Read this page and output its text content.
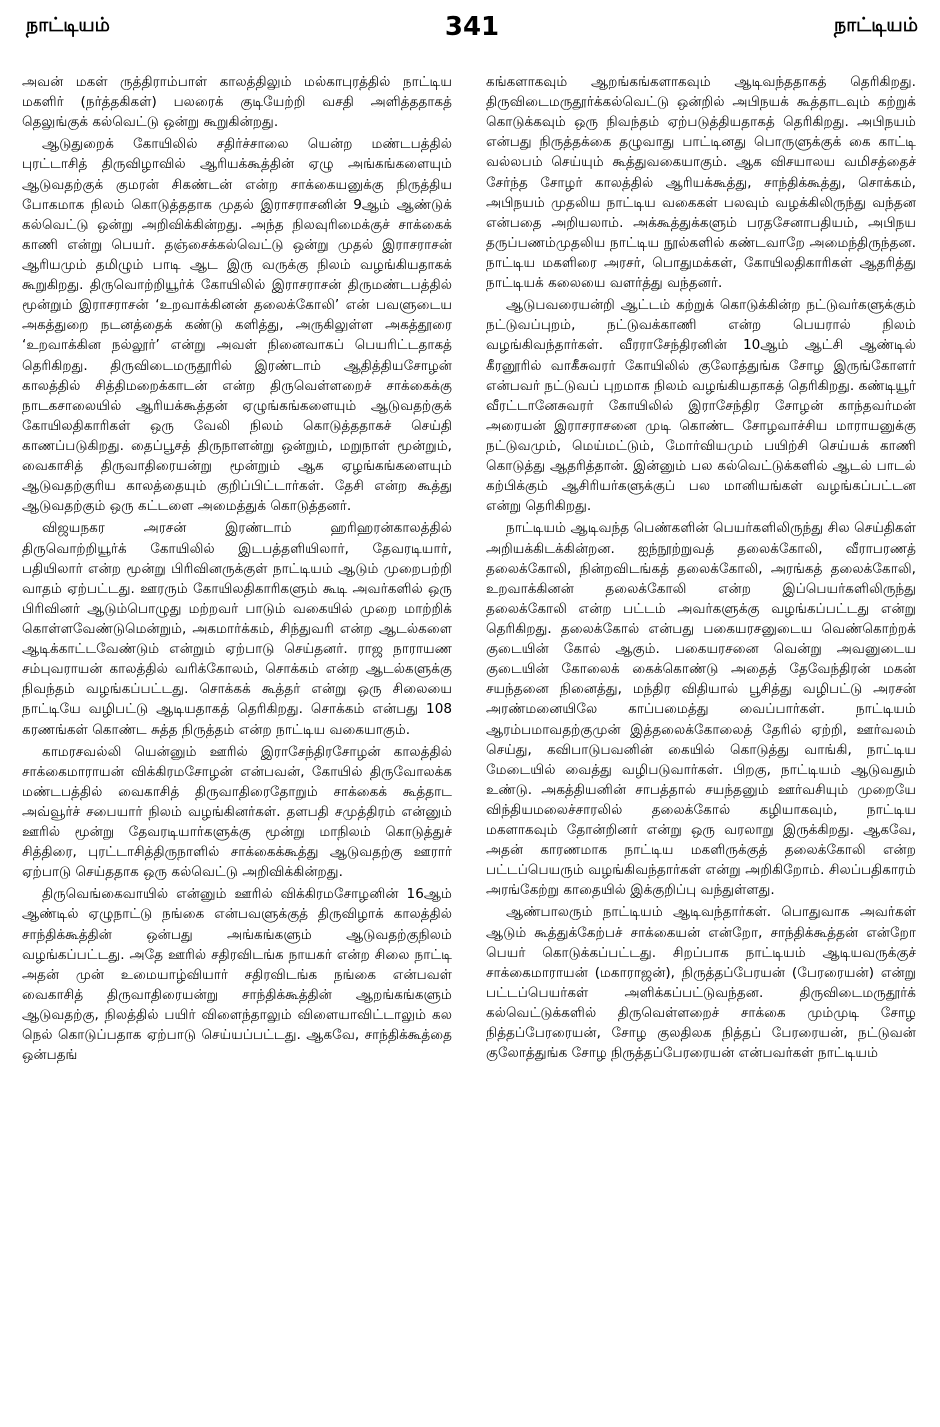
நாட்டியம்	341	நாட்டியம்

அவன் மகள் ருத்திராம்பாள் காலத்திலும் மல்காபுரத்தில் நாட்டிய மகளிர் (நர்த்தகிகள்) பலரைக் குடியேற்றி வசதி அளித்ததாகத் தெலுங்குக் கல்வெட்டு ஒன்று கூறுகின்றது.

ஆடுதுறைக் கோயிலில் சதிர்ச்சாலை யென்ற மண்டபத்தில் புரட்டாசித் திருவிழாவில் ஆரியக்கூத்தின் ஏழு அங்கங்களையும் ஆடுவதற்குக் குமரன் சிகண்டன் என்ற சாக்கையனுக்கு நிருத்திய போகமாக நிலம் கொடுத்ததாக முதல் இராசராசனின் 9ஆம் ஆண்டுக் கல்வெட்டு ஒன்று அறிவிக்கின்றது. அந்த நிலவுரிமைக்குச் சாக்கைக் காணி என்று பெயர். தஞ்சைக்கல்வெட்டு ஒன்று முதல் இராசராசன் ஆரியமும் தமிழும் பாடி ஆட இரு வருக்கு நிலம் வழங்கியதாகக் கூறுகிறது. திருவொற்றியூர்க் கோயிலில் இராசராசன் திருமண்டபத்தில் மூன்றும் இராசராசன் ‘உறவாக்கினன் தலைக்கோலி’ என் பவளுடைய அகத்துறை நடனத்தைக் கண்டு களித்து, அருகிலுள்ள அகத்தூரை ‘உறவாக்கின நல்லூர்’ என்று அவள் நினைவாகப் பெயரிட்டதாகத் தெரிகிறது. திருவிடைமருதூரில் இரண்டாம் ஆதித்தியசோழன் காலத்தில் சித்திமறைக்காடன் என்ற திருவெள்ளறைச் சாக்கைக்கு நாடகசாலையில் ஆரியக்கூத்தன் ஏழுங்கங்களையும் ஆடுவதற்குக் கோயிலதிகாரிகள் ஒரு வேலி நிலம் கொடுத்ததாகச் செய்தி காணப்படுகிறது. தைப்பூசத் திருநாளன்று ஒன்றும், மறுநாள் மூன்றும், வைகாசித் திருவாதிரையன்று மூன்றும் ஆக ஏழங்கங்களையும் ஆடுவதற்குரிய காலத்தையும் குறிப்பிட்டார்கள். தேசி என்ற கூத்து ஆடுவதற்கும் ஒரு கட்டளை அமைத்துக் கொடுத்தனர்.

விஜயநகர அரசன் இரண்டாம் ஹரிஹரன்காலத்தில் திருவொற்றியூர்க் கோயிலில் இடபத்தளியிலார், தேவரடியார், பதியிலார் என்ற மூன்று பிரிவினருக்குள் நாட்டியம் ஆடும் முறைபற்றி வாதம் ஏற்பட்டது. ஊரரும் கோயிலதிகாரிகளும் கூடி அவர்களில் ஒரு பிரிவினர் ஆடும்பொழுது மற்றவர் பாடும் வகையில் முறை மாற்றிக் கொள்ளவேண்டுமென்றும், அகமார்க்கம், சிந்துவரி என்ற ஆடல்களை ஆடிக்காட்டவேண்டும் என்றும் ஏற்பாடு செய்தனர். ராஜ நாராயண சம்புவராயன் காலத்தில் வரிக்கோலம், சொக்கம் என்ற ஆடல்களுக்கு நிவந்தம் வழங்கப்பட்டது. சொக்கக் கூத்தர் என்று ஒரு சிலையை நாட்டியே வழிபட்டு ஆடியதாகத் தெரிகிறது. சொக்கம் என்பது 108 கரணங்கள் கொண்ட சுத்த நிருத்தம் என்ற நாட்டிய வகையாகும்.

காமரசவல்லி யென்னும் ஊரில் இராசேந்திரசோழன் காலத்தில் சாக்கைமாராயன் விக்கிரமசோழன் என்பவன், கோயில் திருவோலக்க மண்டபத்தில் வைகாசித் திருவாதிரைதோறும் சாக்கைக் கூத்தாட அவ்வூர்ச் சபையார் நிலம் வழங்கினர்கள். தளபதி சமுத்திரம் என்னும் ஊரில் மூன்று தேவரடியார்களுக்கு மூன்று மாநிலம் கொடுத்துச் சித்திரை, புரட்டாசித்திருநாளில் சாக்கைக்கூத்து ஆடுவதற்கு ஊரார் ஏற்பாடு செய்ததாக ஒரு கல்வெட்டு அறிவிக்கின்றது.

திருவெங்கைவாயில் என்னும் ஊரில் விக்கிரமசோழனின் 16ஆம் ஆண்டில் ஏழுநாட்டு நங்கை என்பவளுக்குத் திருவிழாக் காலத்தில் சாந்திக்கூத்தின் ஒன்பது அங்கங்களும் ஆடுவதற்குநிலம் வழங்கப்பட்டது. அதே ஊரில் சதிரவிடங்க நாயகர் என்ற சிலை நாட்டி அதன் முன் உமையாழ்வியார் சதிரவிடங்க நங்கை என்பவள் வைகாசித் திருவாதிரையன்று சாந்திக்கூத்தின் ஆறங்கங்களும் ஆடுவதற்கு, நிலத்தில் பயிர் விளைந்தாலும் விளையாவிட்டாலும் கல நெல் கொடுப்பதாக ஏற்பாடு செய்யப்பட்டது. ஆகவே, சாந்திக்கூத்தை ஒன்பதங்

கங்களாகவும் ஆறங்கங்களாகவும் ஆடிவந்ததாகத் தெரிகிறது. திருவிடைமருதூர்க்கல்வெட்டு ஒன்றில் அபிநயக் கூத்தாடவும் கற்றுக் கொடுக்கவும் ஒரு நிவந்தம் ஏற்படுத்தியதாகத் தெரிகிறது. அபிநயம் என்பது நிருத்தக்கை தழுவாது பாட்டினது பொருளுக்குக் கை காட்டி வல்லபம் செய்யும் கூத்துவகையாகும். ஆக விசயாலய வமிசத்தைச் சேர்ந்த சோழர் காலத்தில் ஆரியக்கூத்து, சாந்திக்கூத்து, சொக்கம், அபிநயம் முதலிய நாட்டிய வகைகள் பலவும் வழக்கிலிருந்து வந்தன என்பதை அறியலாம். அக்கூத்துக்களும் பரதசேனாபதியம், அபிநய தருப்பணம்முதலிய நாட்டிய நூல்களில் கண்டவாறே அமைந்திருந்தன. நாட்டிய மகளிரை அரசர், பொதுமக்கள், கோயிலதிகாரிகள் ஆதரித்து நாட்டியக் கலையை வளர்த்து வந்தனர்.

ஆடுபவரையன்றி ஆட்டம் கற்றுக் கொடுக்கின்ற நட்டுவர்களுக்கும் நட்டுவப்புறம், நட்டுவக்காணி என்ற பெயரால் நிலம் வழங்கிவந்தார்கள். வீரராசேந்திரனின் 10ஆம் ஆட்சி ஆண்டில் கீரனூரில் வாகீசுவரர் கோயிலில் குலோத்துங்க சோழ இருங்கோளர் என்பவர் நட்டுவப் புறமாக நிலம் வழங்கியதாகத் தெரிகிறது. கண்டியூர் வீரட்டானேசுவரர் கோயிலில் இராசேந்திர சோழன் காந்தவர்மன் அரையன் இராசராசனை முடி கொண்ட சோழவாச்சிய மாராயனுக்கு நட்டுவமும், மெய்மட்டும், மோர்வியமும் பயிற்சி செய்யக் காணி கொடுத்து ஆதரித்தான். இன்னும் பல கல்வெட்டுக்களில் ஆடல் பாடல் கற்பிக்கும் ஆசிரியர்களுக்குப் பல மானியங்கள் வழங்கப்பட்டன என்று தெரிகிறது.

நாட்டியம் ஆடிவந்த பெண்களின் பெயர்களிலிருந்து சில செய்திகள் அறியக்கிடக்கின்றன. ஐந்நூற்றுவத் தலைக்கோலி, வீராபரணத் தலைக்கோலி, நின்றவிடங்கத் தலைக்கோலி, அரங்கத் தலைக்கோலி, உறவாக்கினன் தலைக்கோலி என்ற இப்பெயர்களிலிருந்து தலைக்கோலி என்ற பட்டம் அவர்களுக்கு வழங்கப்பட்டது என்று தெரிகிறது. தலைக்கோல் என்பது பகையரசனுடைய வெண்கொற்றக் குடையின் கோல் ஆகும். பகையரசனை வென்று அவனுடைய குடையின் கோலைக் கைக்கொண்டு அதைத் தேவேந்திரன் மகன் சயந்தனை நினைத்து, மந்திர விதியால் பூசித்து வழிபட்டு அரசன் அரண்மனையிலே காப்பமைத்து வைப்பார்கள். நாட்டியம் ஆரம்பமாவதற்குமுன் இத்தலைக்கோலைத் தேரில் ஏற்றி, ஊர்வலம் செய்து, கவிபாடுபவனின் கையில் கொடுத்து வாங்கி, நாட்டிய மேடையில் வைத்து வழிபடுவார்கள். பிறகு, நாட்டியம் ஆடுவதும் உண்டு. அகத்தியனின் சாபத்தால் சயந்தனும் ஊர்வசியும் முறையே விந்தியமலைச்சாரலில் தலைக்கோல் கழியாகவும், நாட்டிய மகளாகவும் தோன்றினர் என்று ஒரு வரலாறு இருக்கிறது. ஆகவே, அதன் காரணமாக நாட்டிய மகளிருக்குத் தலைக்கோலி என்ற பட்டப்பெயரும் வழங்கிவந்தார்கள் என்று அறிகிறோம். சிலப்பதிகாரம் அரங்கேற்று காதையில் இக்குறிப்பு வந்துள்ளது.

ஆண்பாலரும் நாட்டியம் ஆடிவந்தார்கள். பொதுவாக அவர்கள் ஆடும் கூத்துக்கேற்பச் சாக்கையன் என்றோ, சாந்திக்கூத்தன் என்றோ பெயர் கொடுக்கப்பட்டது. சிறப்பாக நாட்டியம் ஆடியவருக்குச் சாக்கைமாராயன் (மகாராஜன்), நிருத்தப்பேரயன் (பேரரையன்) என்று பட்டப்பெயர்கள் அளிக்கப்பட்டுவந்தன. திருவிடைமருதூர்க் கல்வெட்டுக்களில் திருவெள்ளறைச் சாக்கை மும்முடி சோழ நித்தப்பேரரையன், சோழ குலதிலக நித்தப் பேரரையன், நட்டுவன் குலோத்துங்க சோழ நிருத்தப்பேரரையன் என்பவர்கள் நாட்டியம்
